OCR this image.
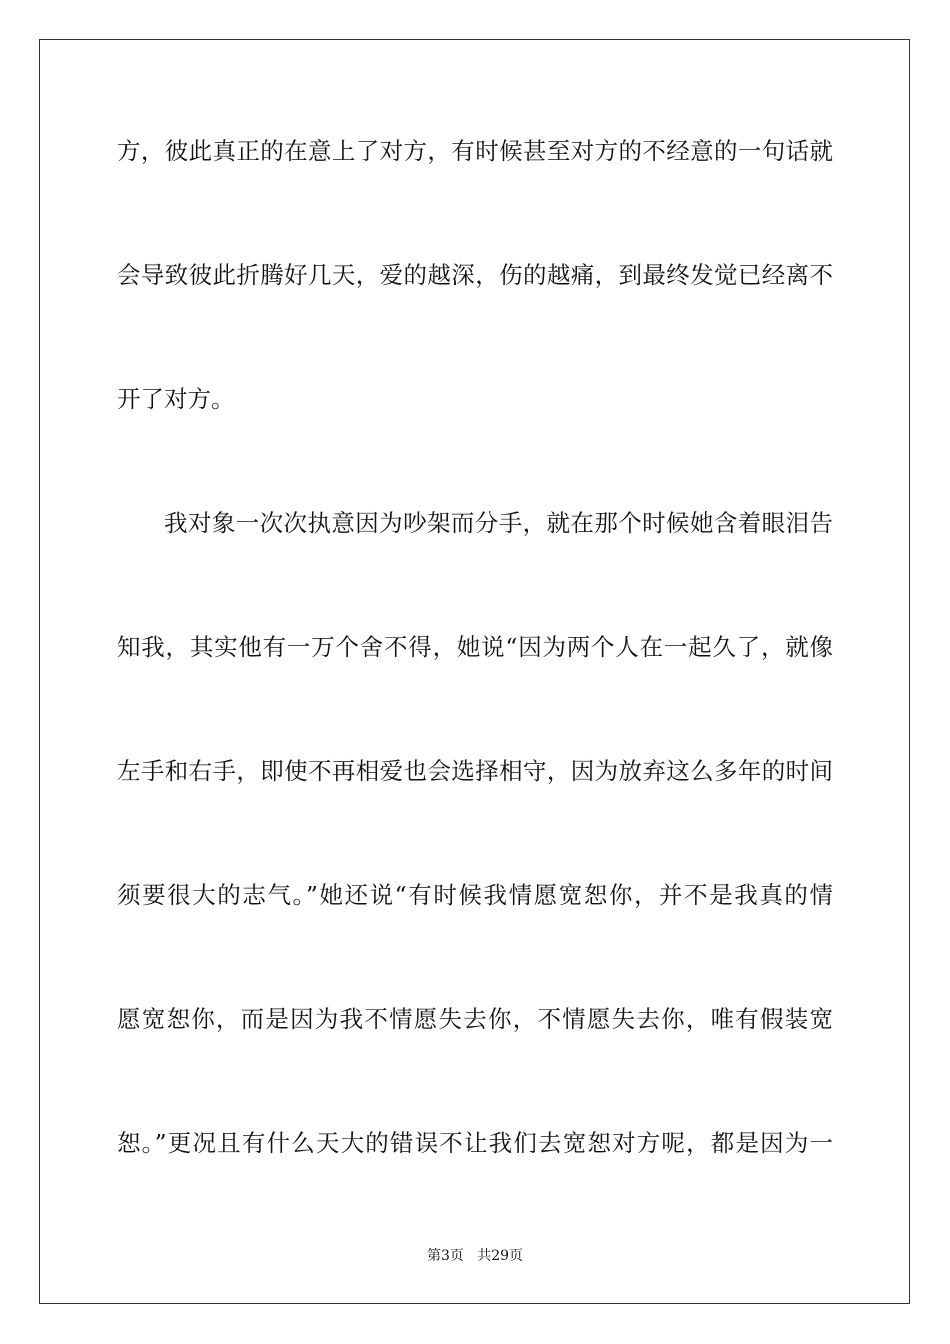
方，彼此真正的在意上了对方，有时候甚至对方的不经意的一句话就
会导致彼此折腾好几天，爱的越深，伤的越痛，到最终发觉已经离不
开了对方。
我对象一次次执意因为吵架而分手，就在那个时候她含着眼泪告
知我，其实他有一万个舍不得，她说“因为两个人在一起久了，就像
左手和右手，即使不再相爱也会选择相守，因为放弃这么多年的时间
须要很大的志气。”她还说“有时候我情愿宽恕你，并不是我真的情
愿宽恕你，而是因为我不情愿失去你，不情愿失去你，唯有假装宽
恕。”更况且有什么天大的错误不让我们去宽恕对方呢，都是因为一
第3页   共29页
